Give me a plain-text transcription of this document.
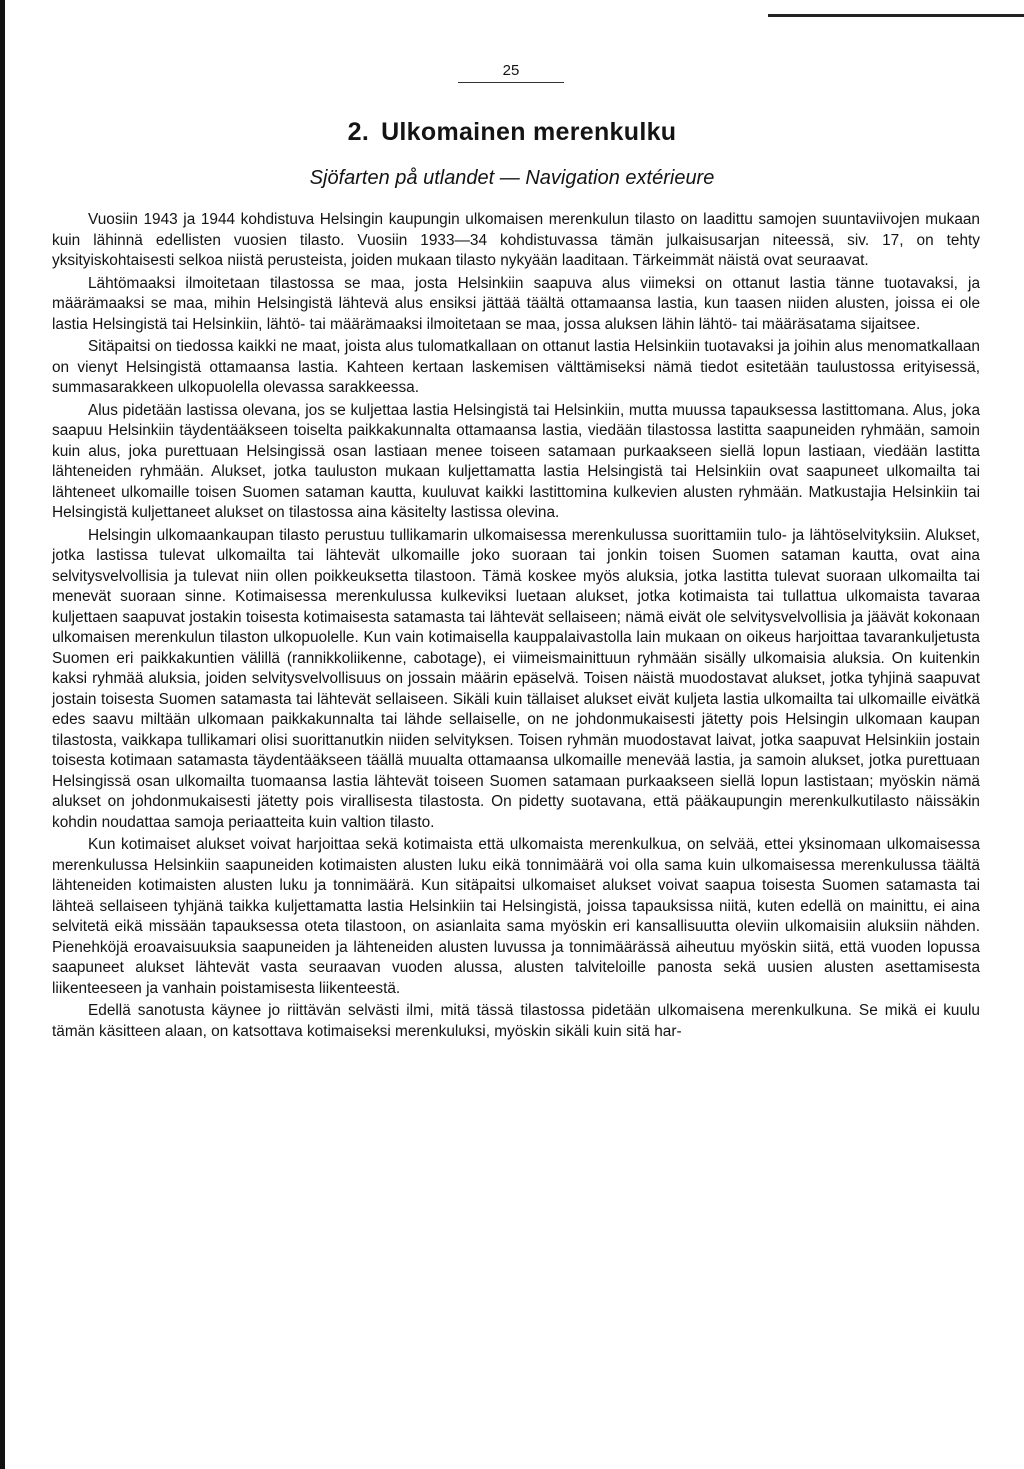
25
2. Ulkomainen merenkulku
Sjöfarten på utlandet — Navigation extérieure

Vuosiin 1943 ja 1944 kohdistuva Helsingin kaupungin ulkomaisen merenkulun tilasto on laadittu samojen suuntaviivojen mukaan kuin lähinnä edellisten vuosien tilasto. Vuosiin 1933—34 kohdistuvassa tämän julkaisusarjan niteessä, siv. 17, on tehty yksityiskohtaisesti selkoa niistä perusteista, joiden mukaan tilasto nykyään laaditaan. Tärkeimmät näistä ovat seuraavat.

Lähtömaaksi ilmoitetaan tilastossa se maa, josta Helsinkiin saapuva alus viimeksi on ottanut lastia tänne tuotavaksi, ja määrämaaksi se maa, mihin Helsingistä lähtevä alus ensiksi jättää täältä ottamaansa lastia, kun taasen niiden alusten, joissa ei ole lastia Helsingistä tai Helsinkiin, lähtö- tai määrämaaksi ilmoitetaan se maa, jossa aluksen lähin lähtö- tai määräsatama sijaitsee.

Sitäpaitsi on tiedossa kaikki ne maat, joista alus tulomatkallaan on ottanut lastia Helsinkiin tuotavaksi ja joihin alus menomatkallaan on vienyt Helsingistä ottamaansa lastia. Kahteen kertaan laskemisen välttämiseksi nämä tiedot esitetään taulustossa erityisessä, summasarakkeen ulkopuolella olevassa sarakkeessa.

Alus pidetään lastissa olevana, jos se kuljettaa lastia Helsingistä tai Helsinkiin, mutta muussa tapauksessa lastittomana. Alus, joka saapuu Helsinkiin täydentääkseen toiselta paikkakunnalta ottamaansa lastia, viedään tilastossa lastitta saapuneiden ryhmään, samoin kuin alus, joka purettuaan Helsingissä osan lastiaan menee toiseen satamaan purkaakseen siellä lopun lastiaan, viedään lastitta lähteneiden ryhmään. Alukset, jotka tauluston mukaan kuljettamatta lastia Helsingistä tai Helsinkiin ovat saapuneet ulkomailta tai lähteneet ulkomaille toisen Suomen sataman kautta, kuuluvat kaikki lastittomina kulkevien alusten ryhmään. Matkustajia Helsinkiin tai Helsingistä kuljettaneet alukset on tilastossa aina käsitelty lastissa olevina.

Helsingin ulkomaankaupan tilasto perustuu tullikamarin ulkomaisessa merenkulussa suorittamiin tulo- ja lähtöselvityksiin. Alukset, jotka lastissa tulevat ulkomailta tai lähtevät ulkomaille joko suoraan tai jonkin toisen Suomen sataman kautta, ovat aina selvitysvelvollisia ja tulevat niin ollen poikkeuksetta tilastoon. Tämä koskee myös aluksia, jotka lastitta tulevat suoraan ulkomailta tai menevät suoraan sinne. Kotimaisessa merenkulussa kulkeviksi luetaan alukset, jotka kotimaista tai tullattua ulkomaista tavaraa kuljettaen saapuvat jostakin toisesta kotimaisesta satamasta tai lähtevät sellaiseen; nämä eivät ole selvitysvelvollisia ja jäävät kokonaan ulkomaisen merenkulun tilaston ulkopuolelle. Kun vain kotimaisella kauppalaivastolla lain mukaan on oikeus harjoittaa tavarankuljetusta Suomen eri paikkakuntien välillä (rannikkoliikenne, cabotage), ei viimeismainittuun ryhmään sisälly ulkomaisia aluksia. On kuitenkin kaksi ryhmää aluksia, joiden selvitysvelvollisuus on jossain määrin epäselvä. Toisen näistä muodostavat alukset, jotka tyhjinä saapuvat jostain toisesta Suomen satamasta tai lähtevät sellaiseen. Sikäli kuin tällaiset alukset eivät kuljeta lastia ulkomailta tai ulkomaille eivätkä edes saavu miltään ulkomaan paikkakunnalta tai lähde sellaiselle, on ne johdonmukaisesti jätetty pois Helsingin ulkomaan kaupan tilastosta, vaikkapa tullikamari olisi suorittanutkin niiden selvityksen. Toisen ryhmän muodostavat laivat, jotka saapuvat Helsinkiin jostain toisesta kotimaan satamasta täydentääkseen täällä muualta ottamaansa ulkomaille menevää lastia, ja samoin alukset, jotka purettuaan Helsingissä osan ulkomailta tuomaansa lastia lähtevät toiseen Suomen satamaan purkaakseen siellä lopun lastistaan; myöskin nämä alukset on johdonmukaisesti jätetty pois virallisesta tilastosta. On pidetty suotavana, että pääkaupungin merenkulkutilasto näissäkin kohdin noudattaa samoja periaatteita kuin valtion tilasto.

Kun kotimaiset alukset voivat harjoittaa sekä kotimaista että ulkomaista merenkulkua, on selvää, ettei yksinomaan ulkomaisessa merenkulussa Helsinkiin saapuneiden kotimaisten alusten luku eikä tonnimäärä voi olla sama kuin ulkomaisessa merenkulussa täältä lähteneiden kotimaisten alusten luku ja tonnimäärä. Kun sitäpaitsi ulkomaiset alukset voivat saapua toisesta Suomen satamasta tai lähteä sellaiseen tyhjänä taikka kuljettamatta lastia Helsinkiin tai Helsingistä, joissa tapauksissa niitä, kuten edellä on mainittu, ei aina selvitetä eikä missään tapauksessa oteta tilastoon, on asianlaita sama myöskin eri kansallisuutta oleviin ulkomaisiin aluksiin nähden. Pienehköjä eroavaisuuksia saapuneiden ja lähteneiden alusten luvussa ja tonnimäärässä aiheutuu myöskin siitä, että vuoden lopussa saapuneet alukset lähtevät vasta seuraavan vuoden alussa, alusten talviteloille panosta sekä uusien alusten asettamisesta liikenteeseen ja vanhain poistamisesta liikenteestä.

Edellä sanotusta käynee jo riittävän selvästi ilmi, mitä tässä tilastossa pidetään ulkomaisena merenkulkuna. Se mikä ei kuulu tämän käsitteen alaan, on katsottava kotimaiseksi merenkuluksi, myöskin sikäli kuin sitä har-
